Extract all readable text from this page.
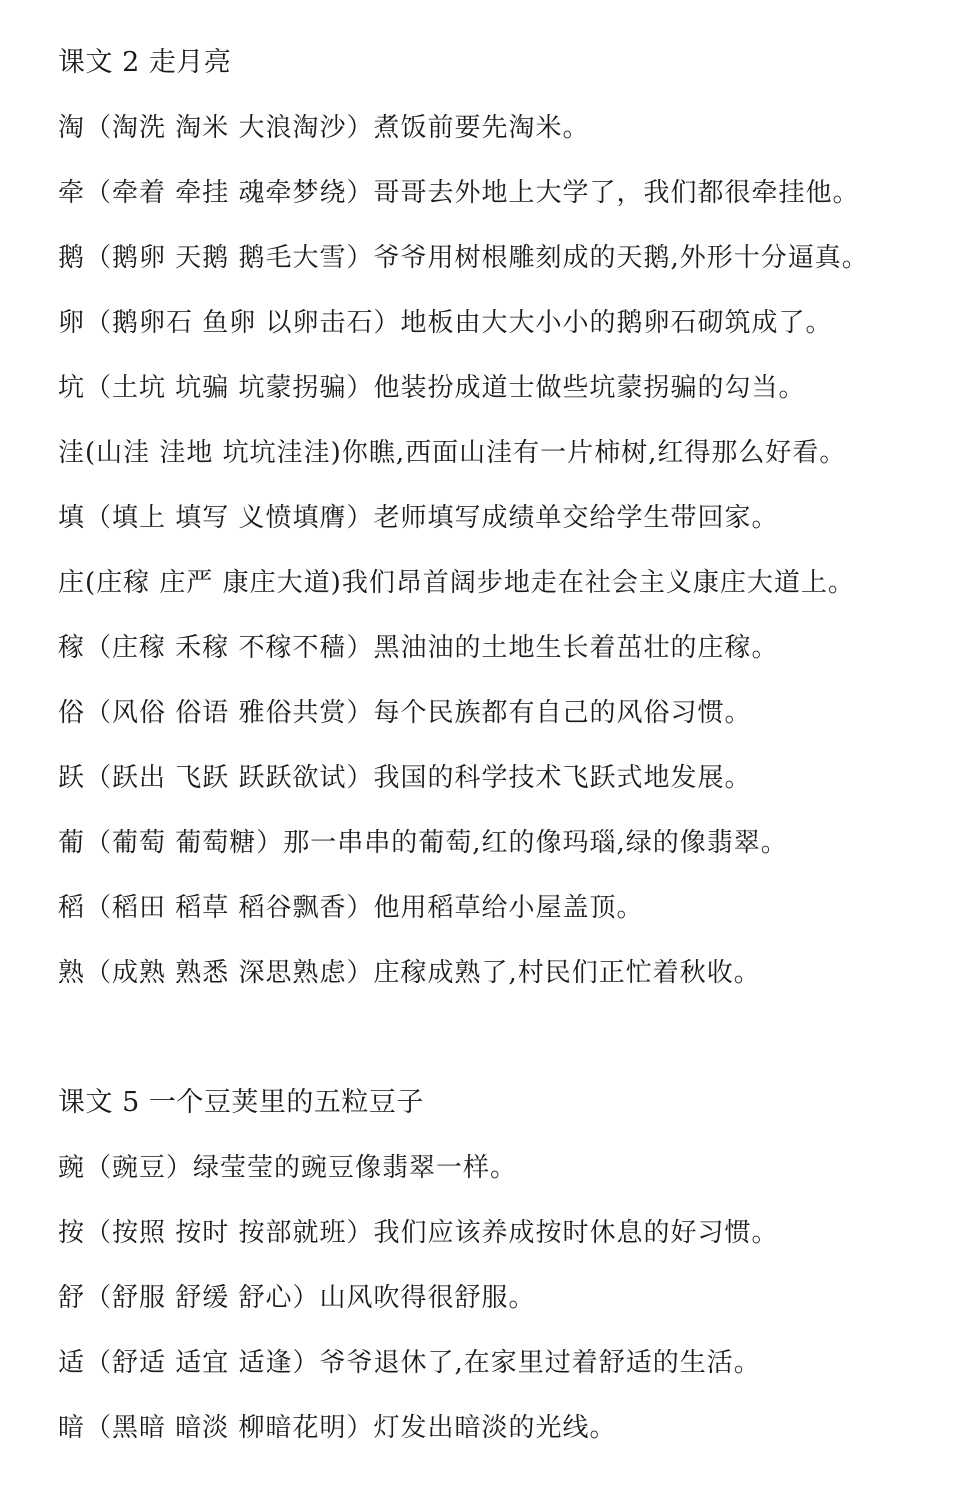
课文 2 走月亮
淘（淘洗 淘米 大浪淘沙）煮饭前要先淘米。
牵（牵着 牵挂 魂牵梦绕）哥哥去外地上大学了，我们都很牵挂他。
鹅（鹅卵 天鹅 鹅毛大雪）爷爷用树根雕刻成的天鹅,外形十分逼真。
卵（鹅卵石 鱼卵 以卵击石）地板由大大小小的鹅卵石砌筑成了。
坑（土坑 坑骗 坑蒙拐骗）他装扮成道士做些坑蒙拐骗的勾当。
洼(山洼 洼地 坑坑洼洼)你瞧,西面山洼有一片柿树,红得那么好看。
填（填上 填写 义愤填膺）老师填写成绩单交给学生带回家。
庄(庄稼 庄严 康庄大道)我们昂首阔步地走在社会主义康庄大道上。
稼（庄稼 禾稼 不稼不穑）黑油油的土地生长着茁壮的庄稼。
俗（风俗 俗语 雅俗共赏）每个民族都有自己的风俗习惯。
跃（跃出 飞跃 跃跃欲试）我国的科学技术飞跃式地发展。
葡（葡萄 葡萄糖）那一串串的葡萄,红的像玛瑙,绿的像翡翠。
稻（稻田 稻草 稻谷飘香）他用稻草给小屋盖顶。
熟（成熟 熟悉 深思熟虑）庄稼成熟了,村民们正忙着秋收。
课文 5 一个豆荚里的五粒豆子
豌（豌豆）绿莹莹的豌豆像翡翠一样。
按（按照 按时 按部就班）我们应该养成按时休息的好习惯。
舒（舒服 舒缓 舒心）山风吹得很舒服。
适（舒适 适宜 适逢）爷爷退休了,在家里过着舒适的生活。
暗（黑暗 暗淡 柳暗花明）灯发出暗淡的光线。
